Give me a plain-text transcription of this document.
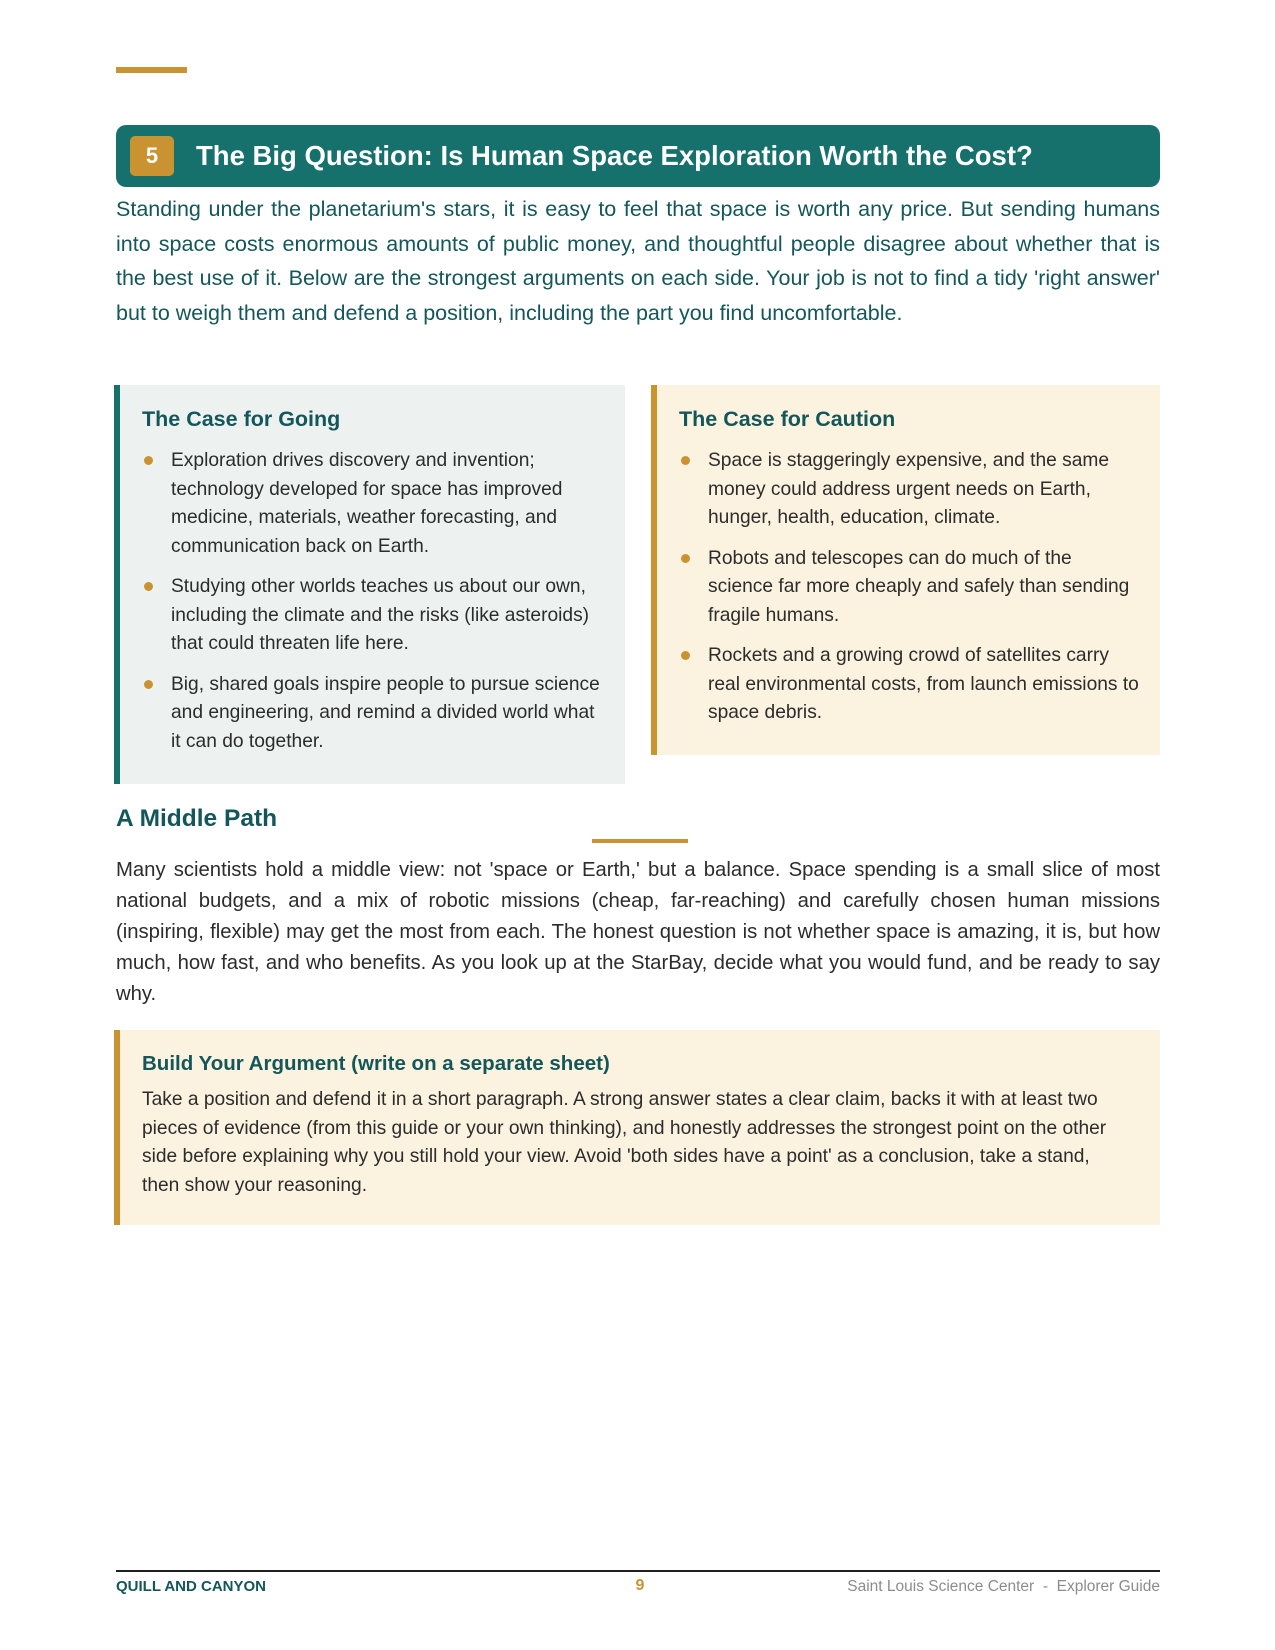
5	The Big Question: Is Human Space Exploration Worth the Cost?

Standing under the planetarium's stars, it is easy to feel that space is worth any price. But sending humans into space costs enormous amounts of public money, and thoughtful people disagree about whether that is the best use of it. Below are the strongest arguments on each side. Your job is not to find a tidy 'right answer' but to weigh them and defend a position, including the part you find uncomfortable.

The Case for Going
Exploration drives discovery and invention; technology developed for space has improved medicine, materials, weather forecasting, and communication back on Earth.
Studying other worlds teaches us about our own, including the climate and the risks (like asteroids) that could threaten life here.
Big, shared goals inspire people to pursue science and engineering, and remind a divided world what it can do together.
The Case for Caution
Space is staggeringly expensive, and the same money could address urgent needs on Earth, hunger, health, education, climate.
Robots and telescopes can do much of the science far more cheaply and safely than sending fragile humans.
Rockets and a growing crowd of satellites carry real environmental costs, from launch emissions to space debris.
A Middle Path

Many scientists hold a middle view: not 'space or Earth,' but a balance. Space spending is a small slice of most national budgets, and a mix of robotic missions (cheap, far-reaching) and carefully chosen human missions (inspiring, flexible) may get the most from each. The honest question is not whether space is amazing, it is, but how much, how fast, and who benefits. As you look up at the StarBay, decide what you would fund, and be ready to say why.

Build Your Argument (write on a separate sheet)

Take a position and defend it in a short paragraph. A strong answer states a clear claim, backs it with at least two pieces of evidence (from this guide or your own thinking), and honestly addresses the strongest point on the other side before explaining why you still hold your view. Avoid 'both sides have a point' as a conclusion, take a stand, then show your reasoning.

QUILL AND CANYON	9	Saint Louis Science Center  -  Explorer Guide
